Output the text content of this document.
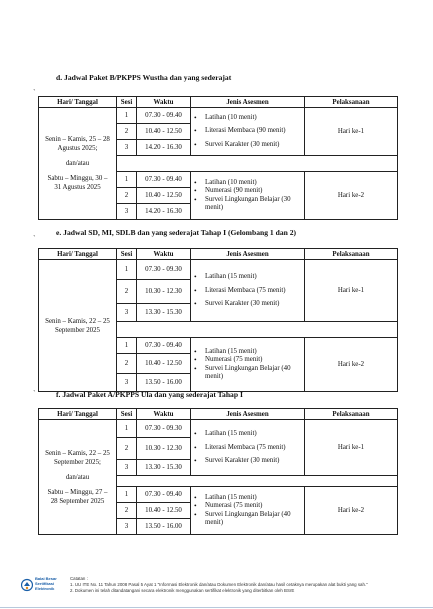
`
d. Jadwal Paket B/PKPPS Wustha dan yang sederajat
Hari/ Tanggal	Sesi	Waktu	Jenis Asesmen	Pelaksanaan

Senin – Kamis, 25 – 28 Agustus 2025;
dan/atau
Sabtu – Minggu, 30 – 31 Agustus 2025	1	07.30 - 09.40	• Latihan (10 menit)
• Literasi Membaca (90 menit)
• Survei Karakter (30 menit)	Hari ke-1
	2	10.40 - 12.50		
	3	14.20 - 16.30		

	1	07.30 - 09.40	• Latihan (10 menit)
• Numerasi (90 menit)
• Survei Lingkungan Belajar (30 menit)	Hari ke-2
	2	10.40 - 12.50		
	3	14.20 - 16.30		
`
e. Jadwal SD, MI, SDLB dan yang sederajat Tahap I (Gelombang 1 dan 2)
Hari/ Tanggal	Sesi	Waktu	Jenis Asesmen	Pelaksanaan

Senin – Kamis, 22 – 25 September 2025	1	07.30 - 09.30	• Latihan (15 menit)
• Literasi Membaca (75 menit)
• Survei Karakter (30 menit)	Hari ke-1
	2	10.30 - 12.30		
	3	13.30 - 15.30		

	1	07.30 - 09.40	• Latihan (15 menit)
• Numerasi (75 menit)
• Survei Lingkungan Belajar (40 menit)	Hari ke-2
	2	10.40 - 12.50		
	3	13.50 - 16.00		
`	f. Jadwal Paket A/PKPPS Ula dan yang sederajat Tahap I
Hari/ Tanggal	Sesi	Waktu	Jenis Asesmen	Pelaksanaan

Senin – Kamis, 22 – 25 September 2025;
dan/atau
Sabtu – Minggu, 27 – 28 September 2025	1	07.30 - 09.30	• Latihan (15 menit)
• Literasi Membaca (75 menit)
• Survei Karakter (30 menit)	Hari ke-1
	2	10.30 - 12.30		
	3	13.30 - 15.30		

	1	07.30 - 09.40	• Latihan (15 menit)
• Numerasi (75 menit)
• Survei Lingkungan Belajar (40 menit)	Hari ke-2
	2	10.40 - 12.50		
	3	13.50 - 16.00		
Balai Besar
Sertifikasi
Elektronik
Catatan :
1. UU ITE No. 11 Tahun 2008 Pasal 5 Ayat 1 "Informasi Elektronik dan/atau Dokumen Elektronik dan/atau hasil cetaknya merupakan alat bukti yang sah."
2. Dokumen ini telah ditandatangani secara elektronik menggunakan sertifikat elektronik yang diterbitkan oleh BSrE
